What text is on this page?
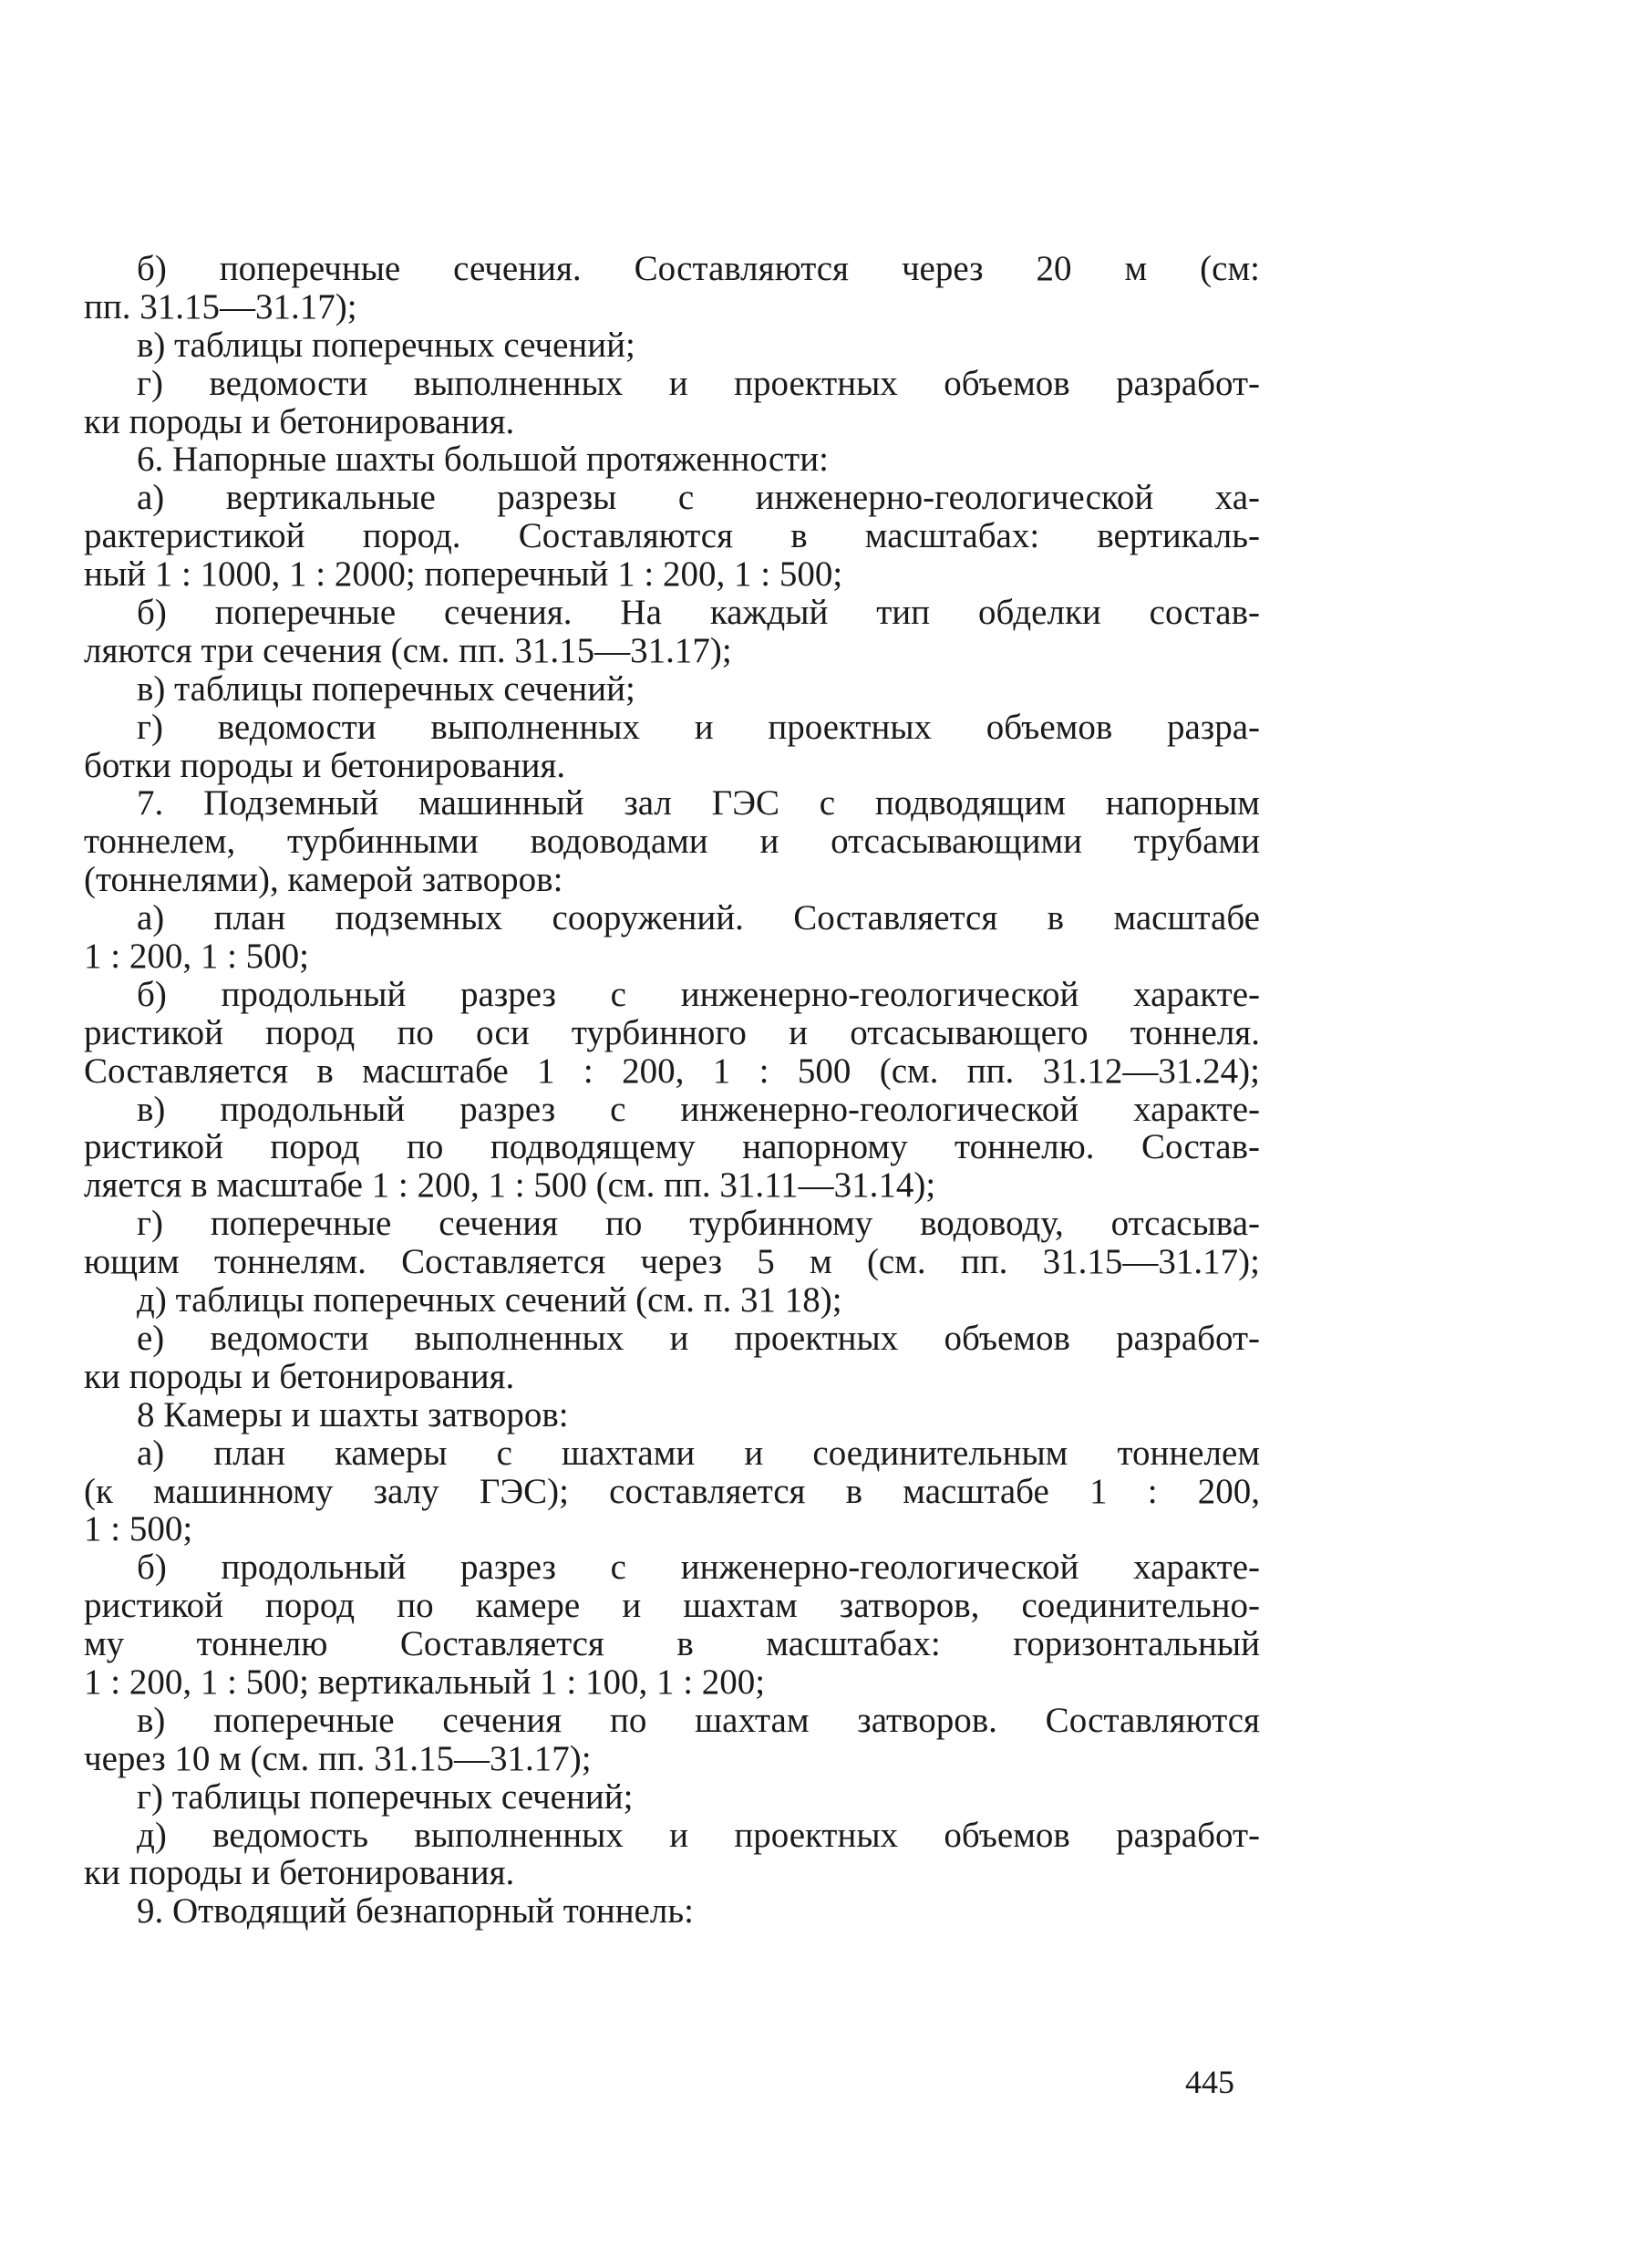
б) поперечные сечения. Составляются через 20 м (см:
пп. 31.15—31.17);
в) таблицы поперечных сечений;
г) ведомости выполненных и проектных объемов разработ-
ки породы и бетонирования.
6. Напорные шахты большой протяженности:
а) вертикальные разрезы с инженерно-геологической ха-
рактеристикой пород. Составляются в масштабах: вертикаль-
ный 1 : 1000, 1 : 2000; поперечный 1 : 200, 1 : 500;
б) поперечные сечения. На каждый тип обделки состав-
ляются три сечения (см. пп. 31.15—31.17);
в) таблицы поперечных сечений;
г) ведомости выполненных и проектных объемов разра-
ботки породы и бетонирования.
7. Подземный машинный зал ГЭС с подводящим напорным
тоннелем, турбинными водоводами и отсасывающими трубами
(тоннелями), камерой затворов:
а) план подземных сооружений. Составляется в масштабе
1 : 200, 1 : 500;
б) продольный разрез с инженерно-геологической характе-
ристикой пород по оси турбинного и отсасывающего тоннеля.
Составляется в масштабе 1 : 200, 1 : 500 (см. пп. 31.12—31.24);
в) продольный разрез с инженерно-геологической характе-
ристикой пород по подводящему напорному тоннелю. Состав-
ляется в масштабе 1 : 200, 1 : 500 (см. пп. 31.11—31.14);
г) поперечные сечения по турбинному водоводу, отсасыва-
ющим тоннелям. Составляется через 5 м (см. пп. 31.15—31.17);
д) таблицы поперечных сечений (см. п. 31 18);
е) ведомости выполненных и проектных объемов разработ-
ки породы и бетонирования.
8 Камеры и шахты затворов:
а) план камеры с шахтами и соединительным тоннелем
(к машинному залу ГЭС); составляется в масштабе 1 : 200,
1 : 500;
б) продольный разрез с инженерно-геологической характе-
ристикой пород по камере и шахтам затворов, соединительно-
му тоннелю Составляется в масштабах: горизонтальный
1 : 200, 1 : 500; вертикальный 1 : 100, 1 : 200;
в) поперечные сечения по шахтам затворов. Составляются
через 10 м (см. пп. 31.15—31.17);
г) таблицы поперечных сечений;
д) ведомость выполненных и проектных объемов разработ-
ки породы и бетонирования.
9. Отводящий безнапорный тоннель:
445
